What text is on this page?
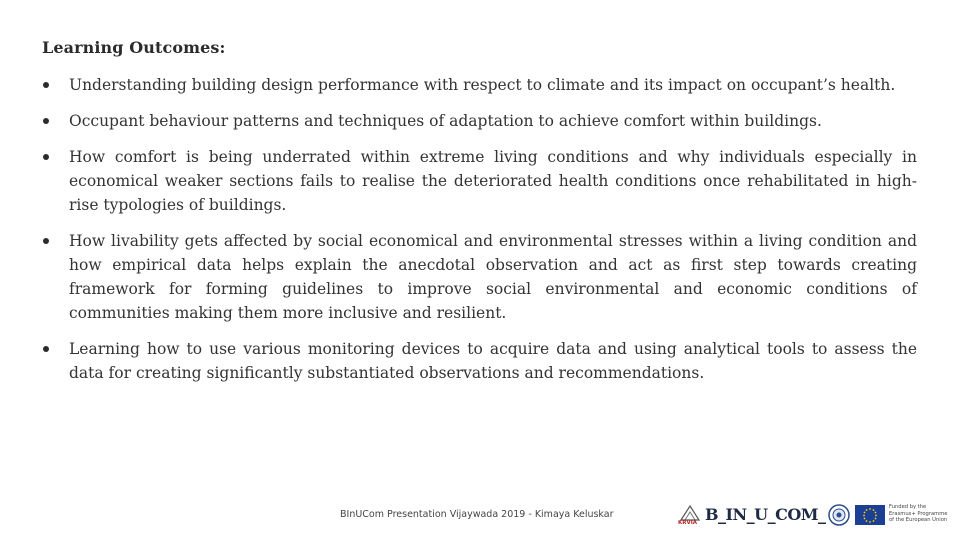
Learning Outcomes:
Understanding building design performance with respect to climate and its impact on occupant’s health.
Occupant behaviour patterns and techniques of adaptation to achieve comfort within buildings.
How comfort is being underrated within extreme living conditions and why individuals especially in economical weaker sections fails to realise the deteriorated health conditions once rehabilitated in high-rise typologies of buildings.
How livability gets affected by social economical and environmental stresses within a living condition and how empirical data helps explain the anecdotal observation and act as first step towards creating framework for forming guidelines to improve social environmental and economic conditions of communities making them more inclusive and resilient.
Learning how to use various monitoring devices to acquire data and using analytical tools to assess the data for creating significantly substantiated observations and recommendations.
BInUCom Presentation Vijaywada 2019 - Kimaya Keluskar
KRVIA B_IN_U_COM_	Funded by the
Erasmus+ Programme
of the European Union
